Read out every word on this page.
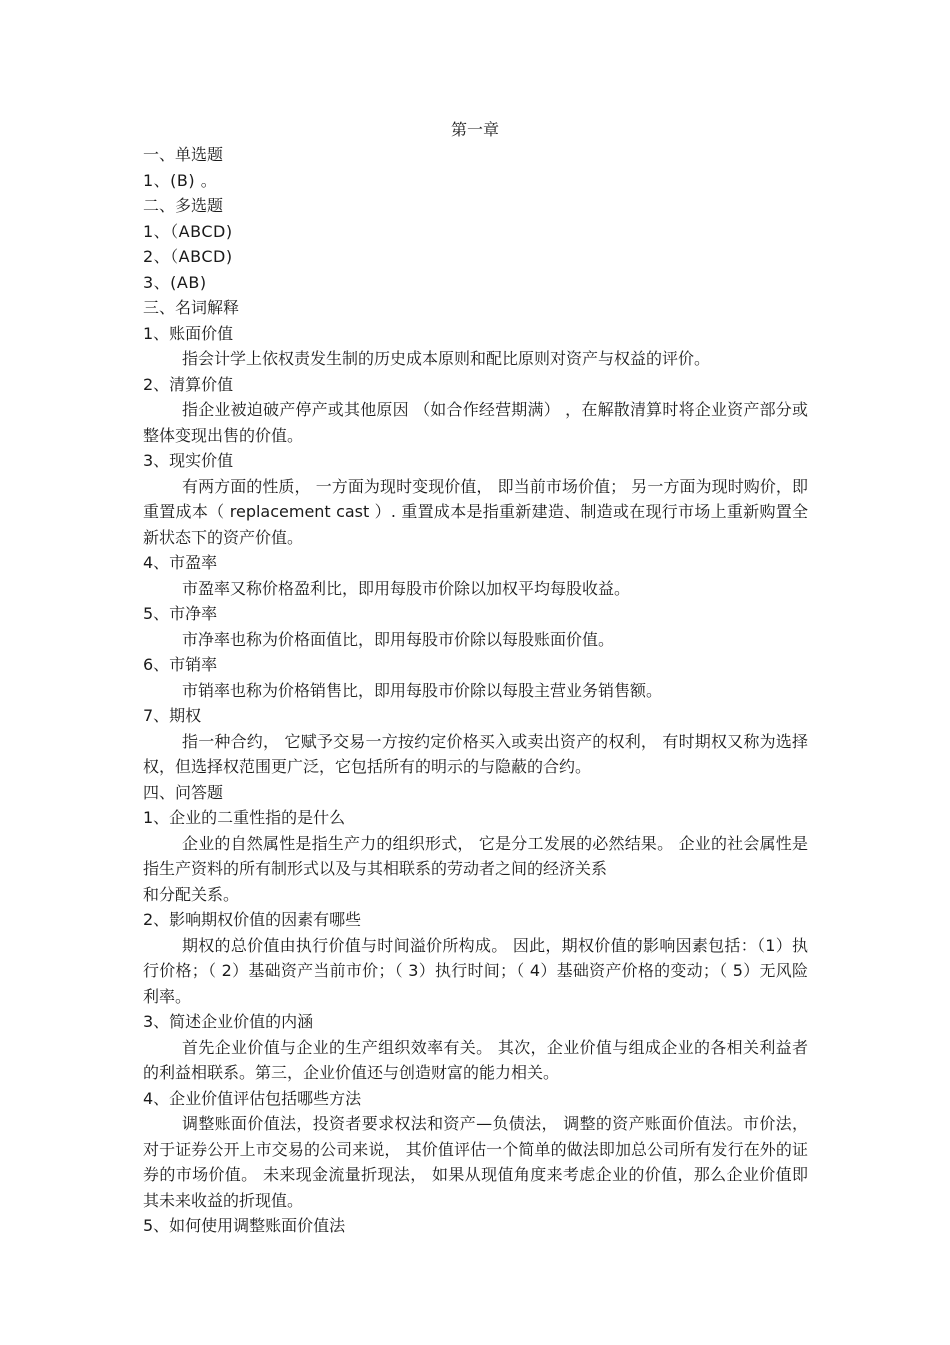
第一章

一、单选题

1、(B) 。

二、多选题

1、（ABCD)

2、（ABCD)

3、(AB)

三、名词解释

1、账面价值

指会计学上依权责发生制的历史成本原则和配比原则对资产与权益的评价。

2、清算价值

指企业被迫破产停产或其他原因 （如合作经营期满） ，在解散清算时将企业资产部分或整体变现出售的价值。

3、现实价值

有两方面的性质， 一方面为现时变现价值， 即当前市场价值； 另一方面为现时购价，即重置成本（ replacement cast ）. 重置成本是指重新建造、制造或在现行市场上重新购置全新状态下的资产价值。

4、市盈率

市盈率又称价格盈利比，即用每股市价除以加权平均每股收益。

5、市净率

市净率也称为价格面值比，即用每股市价除以每股账面价值。

6、市销率

市销率也称为价格销售比，即用每股市价除以每股主营业务销售额。

7、期权

指一种合约， 它赋予交易一方按约定价格买入或卖出资产的权利， 有时期权又称为选择权，但选择权范围更广泛，它包括所有的明示的与隐蔽的合约。

四、问答题

1、企业的二重性指的是什么

企业的自然属性是指生产力的组织形式， 它是分工发展的必然结果。 企业的社会属性是指生产资料的所有制形式以及与其相联系的劳动者之间的经济关系

和分配关系。

2、影响期权价值的因素有哪些

期权的总价值由执行价值与时间溢价所构成。 因此，期权价值的影响因素包括：（1）执行价格；（ 2）基础资产当前市价；（ 3）执行时间；（ 4）基础资产价格的变动；（ 5）无风险利率。

3、简述企业价值的内涵

首先企业价值与企业的生产组织效率有关。 其次，企业价值与组成企业的各相关利益者的利益相联系。第三，企业价值还与创造财富的能力相关。

4、企业价值评估包括哪些方法

调整账面价值法，投资者要求权法和资产—负债法， 调整的资产账面价值法。市价法，对于证券公开上市交易的公司来说， 其价值评估一个简单的做法即加总公司所有发行在外的证券的市场价值。 未来现金流量折现法， 如果从现值角度来考虑企业的价值，那么企业价值即其未来收益的折现值。

5、如何使用调整账面价值法
